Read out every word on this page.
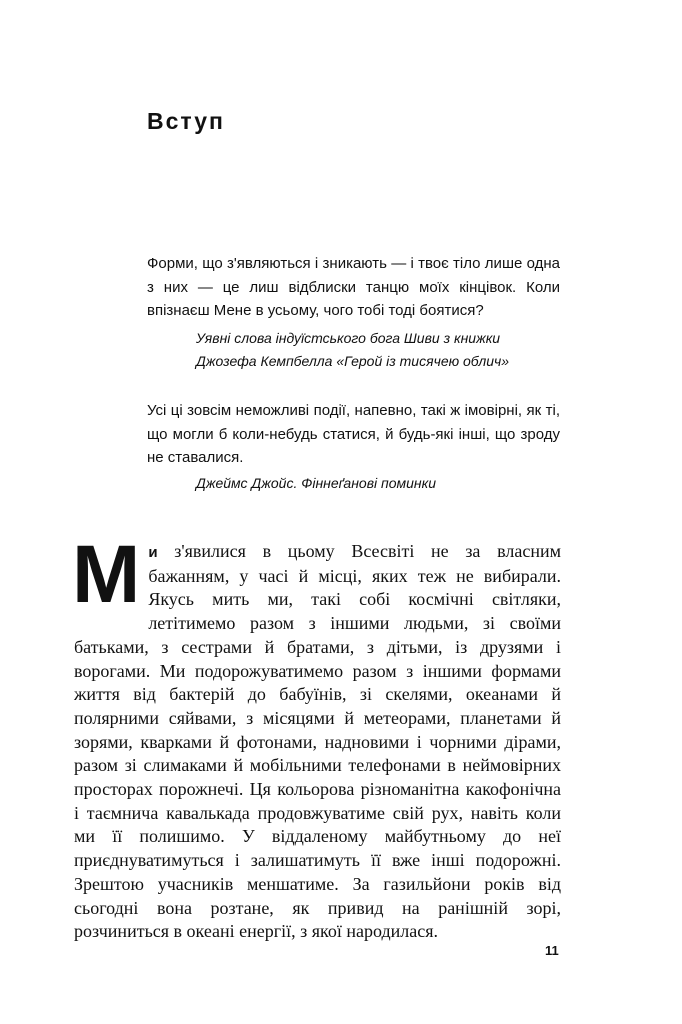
Вступ

Форми, що з'являються і зникають — і твоє тіло лише одна з них — це лиш відблиски танцю моїх кінцівок. Коли впізнаєш Мене в усьому, чого тобі тоді боятися?

Уявні слова індуїстського бога Шиви з книжки
Джозефа Кемпбелла «Герой із тисячею облич»

Усі ці зовсім неможливі події, напевно, такі ж імовірні, як ті, що могли б коли-небудь статися, й будь-які інші, що зроду не ставалися.

Джеймс Джойс. Фіннеґанові поминки

Ми з'явилися в цьому Всесвіті не за власним бажанням, у часі й місці, яких теж не вибирали. Якусь мить ми, такі собі космічні світляки, летітимемо разом з іншими людьми, зі своїми батьками, з сестрами й братами, з дітьми, із друзями і ворогами. Ми подорожуватимемо разом з іншими формами життя від бактерій до бабуїнів, зі скелями, океанами й полярними сяйвами, з місяцями й метеорами, планетами й зорями, кварками й фотонами, надновими і чорними дірами, разом зі слимаками й мобільними телефонами в неймовірних просторах порожнечі. Ця кольорова різноманітна какофонічна і таємнича кавалькада продовжуватиме свій рух, навіть коли ми її полишимо. У віддаленому майбутньому до неї приєднуватимуться і залишатимуть її вже інші подорожні. Зрештою учасників меншатиме. За газильйони років від сьогодні вона розтане, як привид на ранішній зорі, розчиниться в океані енергії, з якої народилася.

11
